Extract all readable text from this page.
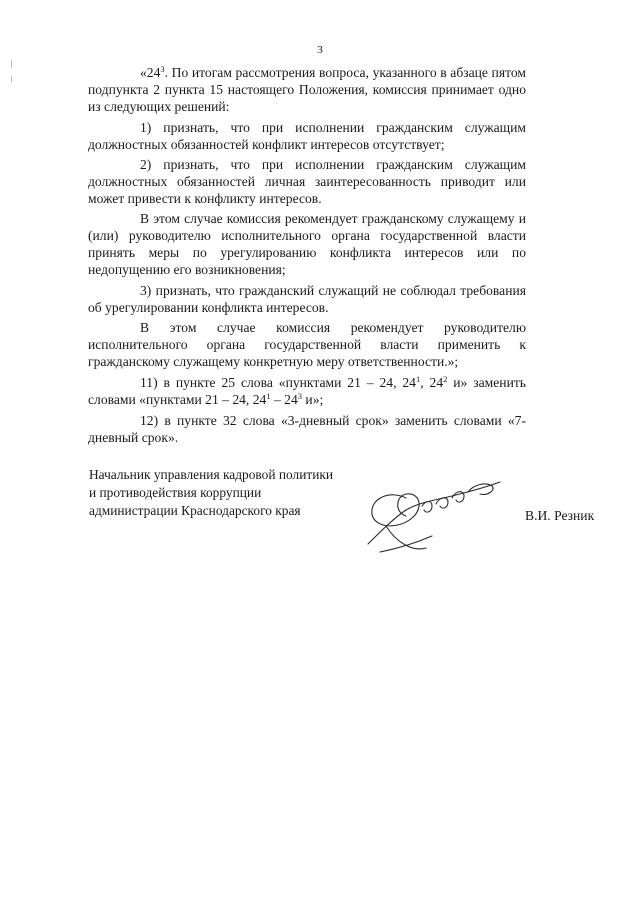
3

«$24^3$. По итогам рассмотрения вопроса, указанного в абзаце пятом подпункта 2 пункта 15 настоящего Положения, комиссия принимает одно из следующих решений:

1) признать, что при исполнении гражданским служащим должностных обязанностей конфликт интересов отсутствует;

2) признать, что при исполнении гражданским служащим должностных обязанностей личная заинтересованность приводит или может привести к конфликту интересов.

В этом случае комиссия рекомендует гражданскому служащему и (или) руководителю исполнительного органа государственной власти принять меры по урегулированию конфликта интересов или по недопущению его возникновения;

3) признать, что гражданский служащий не соблюдал требования об урегулировании конфликта интересов.

В этом случае комиссия рекомендует руководителю исполнительного органа государственной власти применить к гражданскому служащему конкретную меру ответственности.»;

11) в пункте 25 слова «пунктами 21 – 24, $24^1$, $24^2$ и» заменить словами «пунктами 21 – 24, $24^1 - 24^3$ и»;

12) в пункте 32 слова «3-дневный срок» заменить словами «7-дневный срок».

Начальник управления кадровой политики
и противодействия коррупции
администрации Краснодарского края	В.И. Резник
